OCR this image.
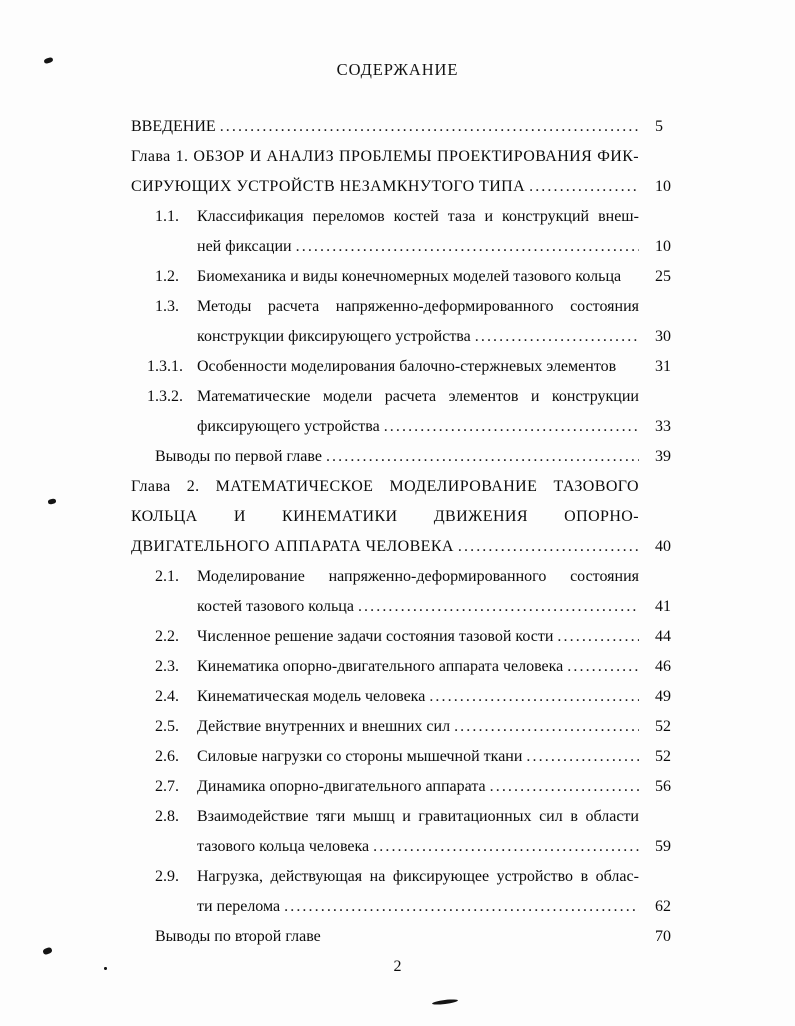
СОДЕРЖАНИЕ
ВВЕДЕНИЕ .....	5
Глава 1. ОБЗОР И АНАЛИЗ ПРОБЛЕМЫ ПРОЕКТИРОВАНИЯ ФИК-
СИРУЮЩИХ УСТРОЙСТВ НЕЗАМКНУТОГО ТИПА .....	10
1.1.	Классификация переломов костей таза и конструкций внеш-
ней фиксации .....	10
1.2.	Биомеханика и виды конечномерных моделей тазового кольца	25
1.3.	Методы расчета напряженно-деформированного состояния
конструкции фиксирующего устройства .....	30
1.3.1. Особенности моделирования балочно-стержневых элементов	31
1.3.2. Математические модели расчета элементов и конструкции
фиксирующего устройства .....	33
Выводы по первой главе .....	39
Глава 2. МАТЕМАТИЧЕСКОЕ МОДЕЛИРОВАНИЕ ТАЗОВОГО
КОЛЬЦА И КИНЕМАТИКИ ДВИЖЕНИЯ ОПОРНО-
ДВИГАТЕЛЬНОГО АППАРАТА ЧЕЛОВЕКА .....	40
2.1.	Моделирование напряженно-деформированного состояния
костей тазового кольца .....	41
2.2.	Численное решение задачи состояния тазовой кости .....	44
2.3.	Кинематика опорно-двигательного аппарата человека .....	46
2.4.	Кинематическая модель человека .....	49
2.5.	Действие внутренних и внешних сил .....	52
2.6.	Силовые нагрузки со стороны мышечной ткани .....	52
2.7.	Динамика опорно-двигательного аппарата .....	56
2.8.	Взаимодействие тяги мышц и гравитационных сил в области
тазового кольца человека .....	59
2.9.	Нагрузка, действующая на фиксирующее устройство в облас-
ти перелома .....	62
Выводы по второй главе	70
2
